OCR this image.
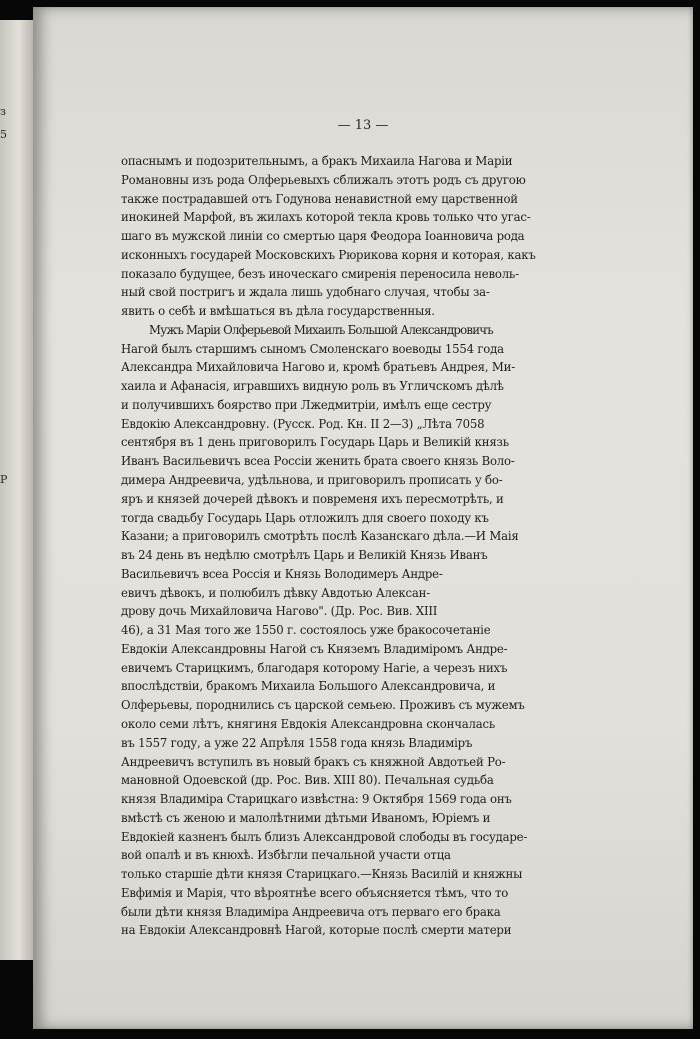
з
5
Р
— 13 —
опаснымъ и подозрительнымъ, а бракъ Михаила Нагова и Маріи
Романовны изъ рода Олферьевыхъ сближалъ этотъ родъ съ другою
также пострадавшей отъ Годунова ненавистной ему царственной
инокиней Марфой, въ жилахъ которой текла кровь только что угас-
шаго въ мужской линіи со смертью царя Феодора Іоанновича рода
исконныхъ государей Московскихъ Рюрикова корня и которая, какъ
показало будущее, безъ иноческаго смиренія переносила неволь-
ный свой постригъ и ждала лишь удобнаго случая, чтобы за-
явить о себѣ и вмѣшаться въ дѣла государственныя.
Мужъ Маріи Олферьевой Михаилъ Большой Александровичъ
Нагой былъ старшимъ сыномъ Смоленскаго воеводы 1554 года
Александра Михайловича Нагово и, кромѣ братьевъ Андрея, Ми-
хаила и Афанасія, игравшихъ видную роль въ Угличскомъ дѣлѣ
и получившихъ боярство при Лжедмитріи, имѣлъ еще сестру
Евдокію Александровну. (Русск. Род. Кн. II 2—3) „Лѣта 7058
сентября въ 1 день приговорилъ Государь Царь и Великій князь
Иванъ Васильевичъ всеа Россіи женить брата своего князь Воло-
димера Андреевича, удѣльнова, и приговорилъ прописать у бо-
яръ и князей дочерей дѣвокъ и повременя ихъ пересмотрѣть, и
тогда свадьбу Государь Царь отложилъ для своего походу къ
Казани; а приговорилъ смотрѣть послѣ Казанскаго дѣла.—И Маія
въ 24 день въ недѣлю смотрѣлъ Царь и Великій Князь Иванъ
Васильевичъ всеа Россія и Князь Володимеръ Андре-
евичъ дѣвокъ, и полюбилъ дѣвку Авдотью Алексан-
дрову дочь Михайловича Нагово". (Др. Рос. Вив. XIII
46), а 31 Мая того же 1550 г. состоялось уже бракосочетаніе
Евдокіи Александровны Нагой съ Княземъ Владиміромъ Андре-
евичемъ Старицкимъ, благодаря которому Нагіе, а черезъ нихъ
впослѣдствіи, бракомъ Михаила Большого Александровича, и
Олферьевы, породнились съ царской семьею. Проживъ съ мужемъ
около семи лѣтъ, княгиня Евдокія Александровна скончалась
въ 1557 году, а уже 22 Апрѣля 1558 года князь Владиміръ
Андреевичъ вступилъ въ новый бракъ съ княжной Авдотьей Ро-
мановной Одоевской (др. Рос. Вив. XIII 80). Печальная судьба
князя Владиміра Старицкаго извѣстна: 9 Октября 1569 года онъ
вмѣстѣ съ женою и малолѣтними дѣтьми Иваномъ, Юріемъ и
Евдокіей казненъ былъ близъ Александровой слободы въ государе-
вой опалѣ и въ кнюхѣ. Избѣгли печальной участи отца
только старшіе дѣти князя Старицкаго.—Князь Василій и княжны
Евфимія и Марія, что вѣроятнѣе всего объясняется тѣмъ, что то
были дѣти князя Владиміра Андреевича отъ перваго его брака
на Евдокіи Александровнѣ Нагой, которые послѣ смерти матери
